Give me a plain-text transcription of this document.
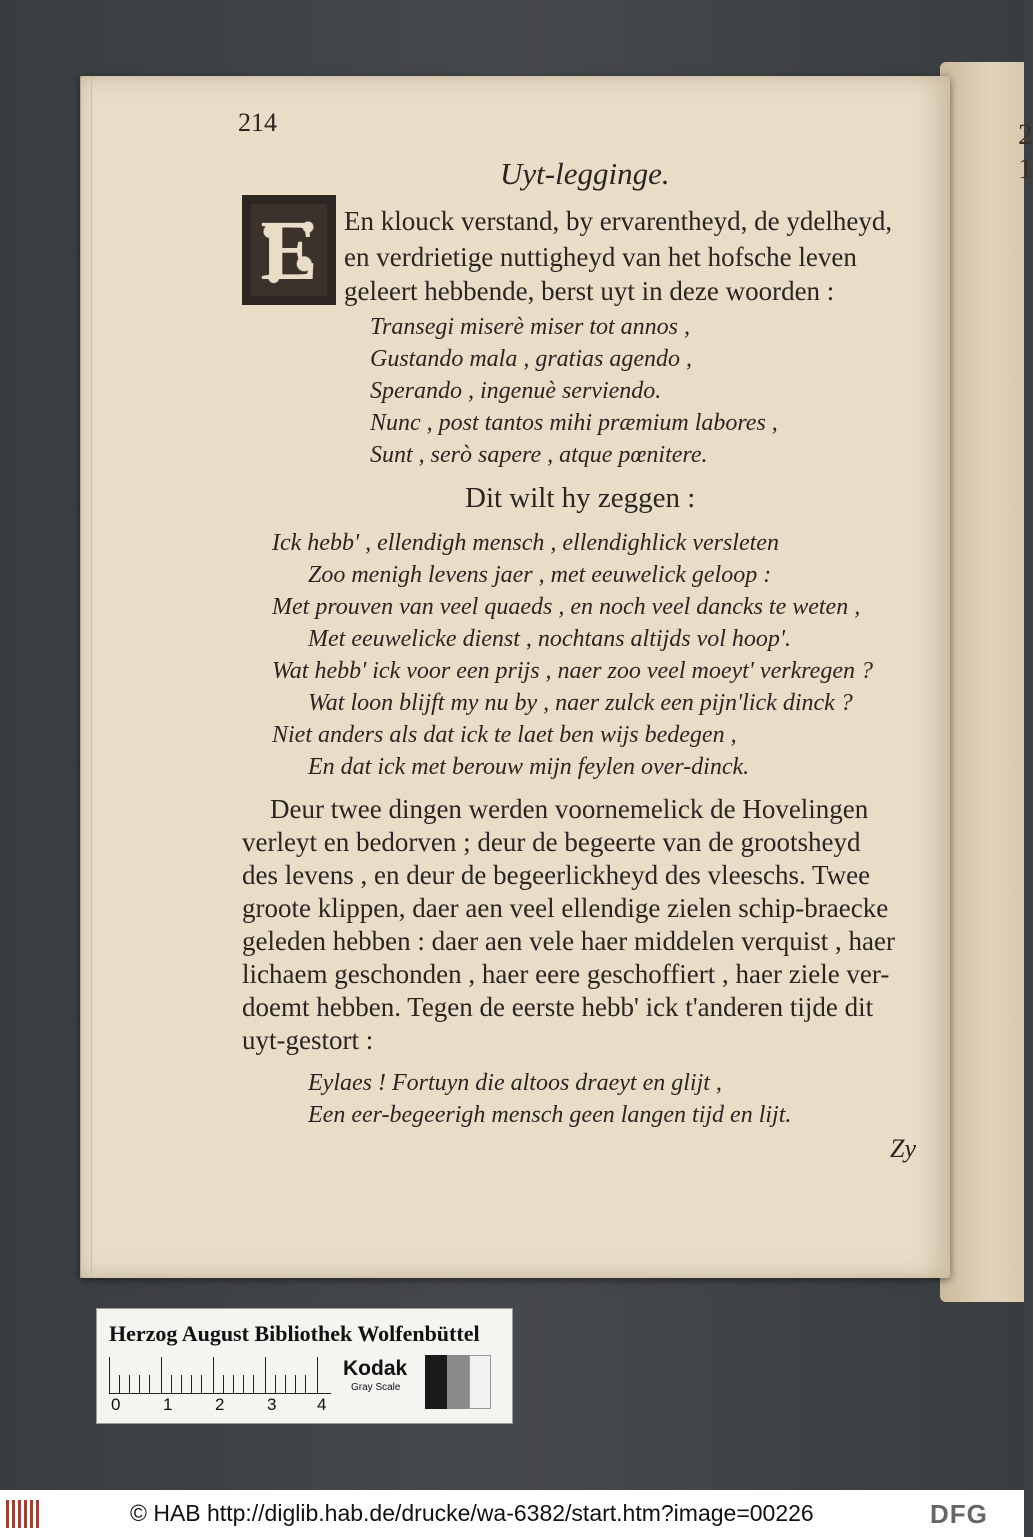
2
1
214
Uyt-legginge.
E En klouck verstand, by ervarentheyd, de ydelheyd,
en verdrietige nuttigheyd van het hofsche leven
geleert hebbende, berst uyt in deze woorden :
Transegi miserè miser tot annos ,
Gustando mala , gratias agendo ,
Sperando , ingenuè serviendo.
Nunc , post tantos mihi præmium labores ,
Sunt , serò sapere , atque pœnitere.
Dit wilt hy zeggen :
Ick hebb' , ellendigh mensch , ellendighlick versleten
Zoo menigh levens jaer , met eeuwelick geloop :
Met prouven van veel quaeds , en noch veel dancks te weten ,
Met eeuwelicke dienst , nochtans altijds vol hoop'.
Wat hebb' ick voor een prijs , naer zoo veel moeyt' verkregen ?
Wat loon blijft my nu by , naer zulck een pijn'lick dinck ?
Niet anders als dat ick te laet ben wijs bedegen ,
En dat ick met berouw mijn feylen over-dinck.
Deur twee dingen werden voornemelick de Hovelingen
verleyt en bedorven ; deur de begeerte van de grootsheyd
des levens , en deur de begeerlickheyd des vleeschs. Twee
groote klippen, daer aen veel ellendige zielen schip-braecke
geleden hebben : daer aen vele haer middelen verquist , haer
lichaem geschonden , haer eere geschoffiert , haer ziele ver-
doemt hebben. Tegen de eerste hebb' ick t'anderen tijde dit
uyt-gestort :
Eylaes ! Fortuyn die altoos draeyt en glijt ,
Een eer-begeerigh mensch geen langen tijd en lijt.
Zy
Herzog August Bibliothek Wolfenbüttel
0	1	2	3 4
Kodak
Gray Scale
© HAB http://diglib.hab.de/drucke/wa-6382/start.htm?image=00226	DFG
